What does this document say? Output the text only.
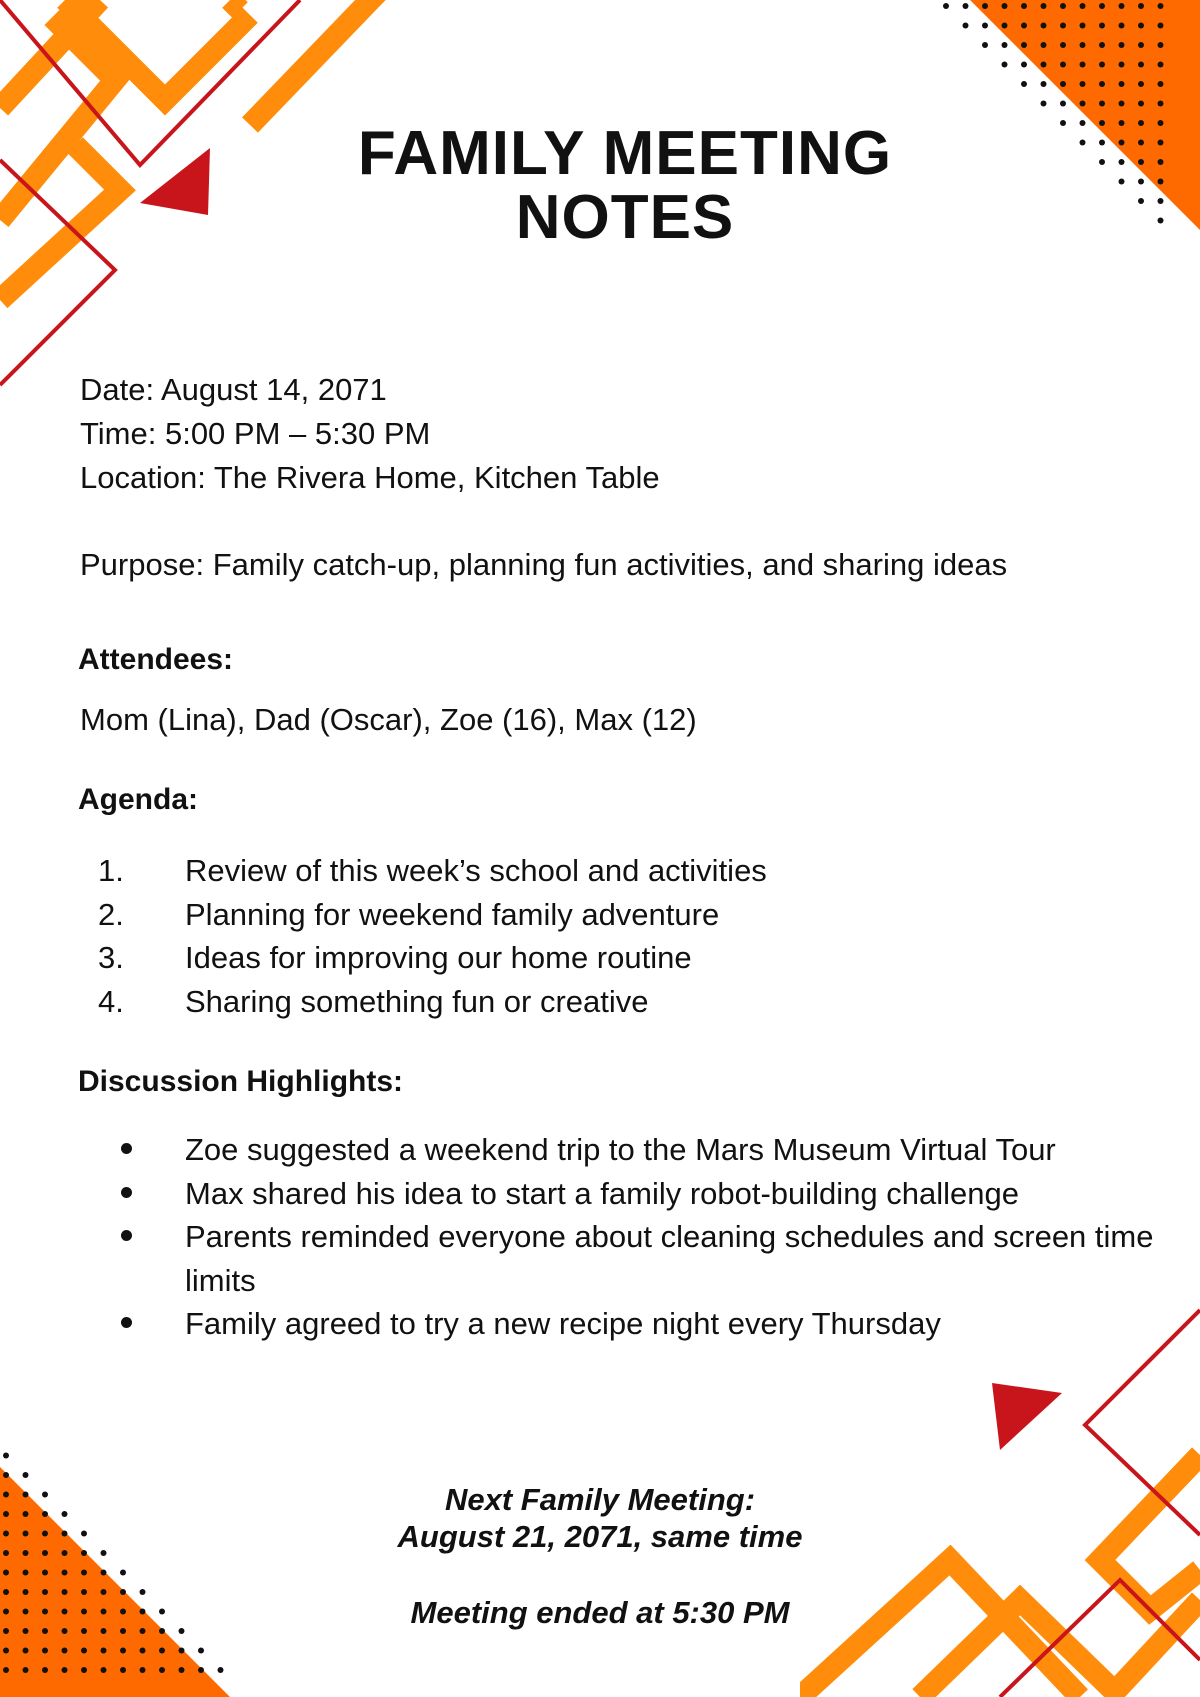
FAMILY MEETING
NOTES
Date: August 14, 2071
Time: 5:00 PM – 5:30 PM
Location: The Rivera Home, Kitchen Table
Purpose: Family catch-up, planning fun activities, and sharing ideas
Attendees:
Mom (Lina), Dad (Oscar), Zoe (16), Max (12)
Agenda:
1.	Review of this week’s school and activities
2.	Planning for weekend family adventure
3.	Ideas for improving our home routine
4.	Sharing something fun or creative
Discussion Highlights:
Zoe suggested a weekend trip to the Mars Museum Virtual Tour
Max shared his idea to start a family robot-building challenge
Parents reminded everyone about cleaning schedules and screen time limits
Family agreed to try a new recipe night every Thursday
Next Family Meeting:
August 21, 2071, same time
Meeting ended at 5:30 PM
